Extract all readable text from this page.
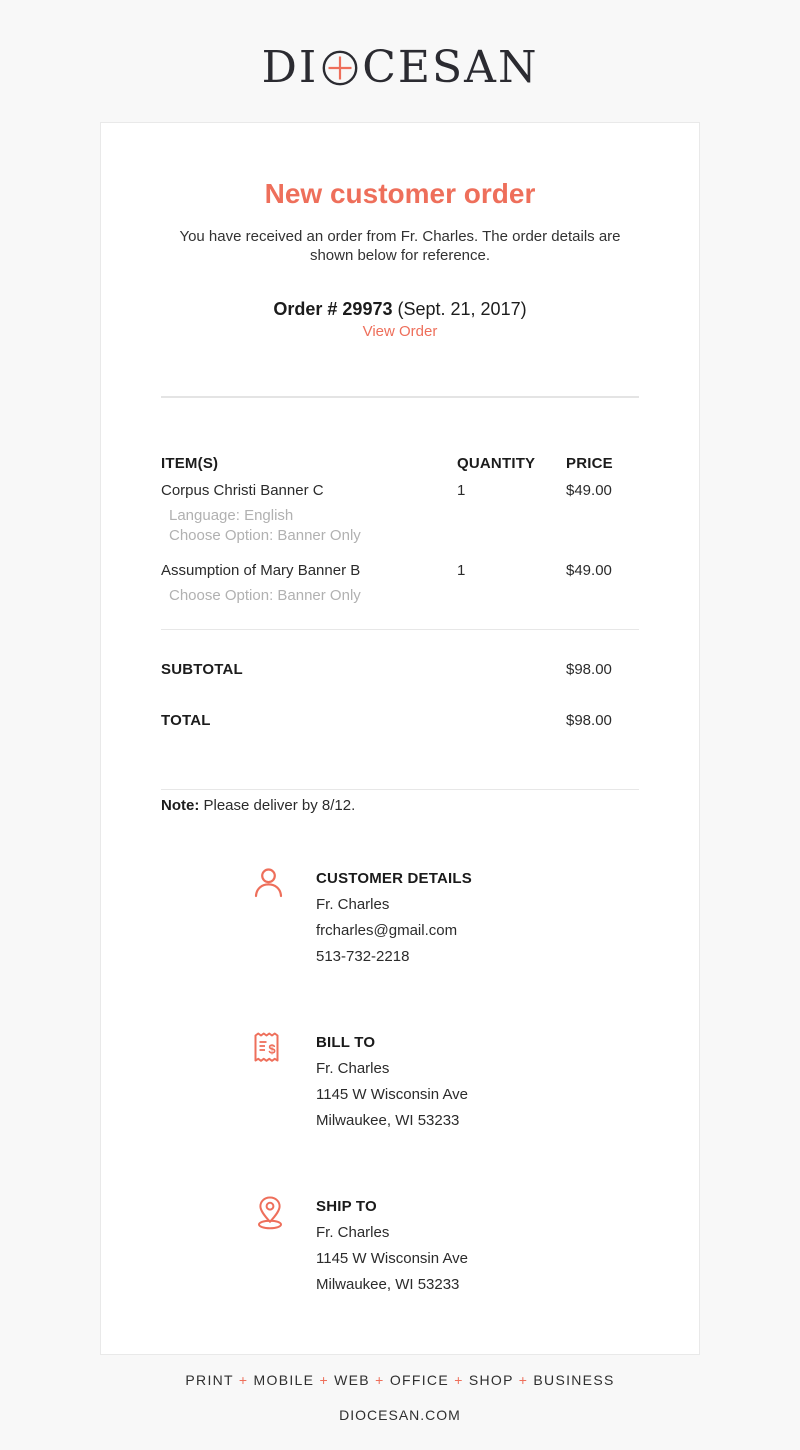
DI CESAN
New customer order

You have received an order from Fr. Charles. The order details are shown below for reference.

Order # 29973 (Sept. 21, 2017)
View Order
ITEM(S)	QUANTITY	PRICE
Corpus Christi Banner C	1	$49.00
Language: English
Choose Option: Banner Only
Assumption of Mary Banner B	1	$49.00
Choose Option: Banner Only
SUBTOTAL	$98.00
TOTAL	$98.00
Note: Please deliver by 8/12.
CUSTOMER DETAILS
Fr. Charles
frcharles@gmail.com
513-732-2218
$	BILL TO
Fr. Charles
1145 W Wisconsin Ave
Milwaukee, WI 53233
SHIP TO
Fr. Charles
1145 W Wisconsin Ave
Milwaukee, WI 53233
PRINT + MOBILE + WEB + OFFICE + SHOP + BUSINESS
DIOCESAN.COM
